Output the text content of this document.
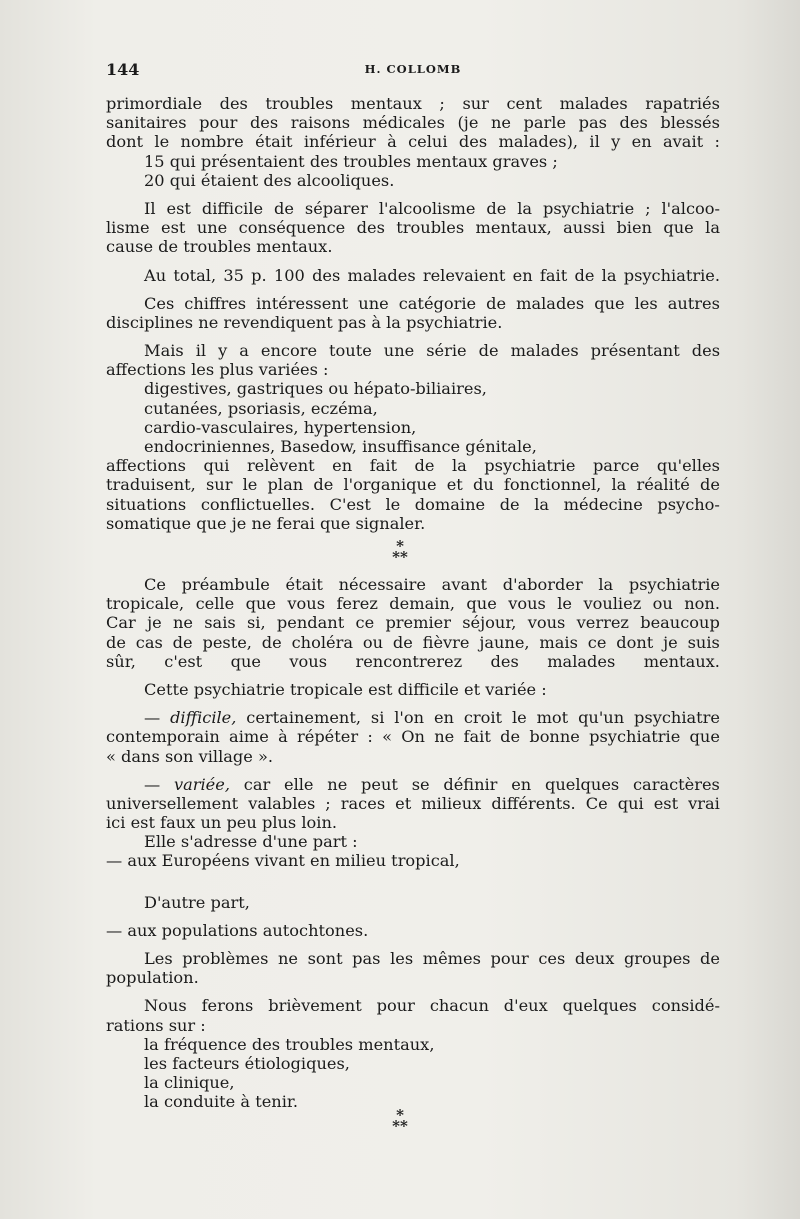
144	H. COLLOMB
primordiale des troubles mentaux ; sur cent malades rapatriés
sanitaires pour des raisons médicales (je ne parle pas des blessés
dont le nombre était inférieur à celui des malades), il y en avait :
15 qui présentaient des troubles mentaux graves ;
20 qui étaient des alcooliques.
Il est difficile de séparer l'alcoolisme de la psychiatrie ; l'alcoo-
lisme est une conséquence des troubles mentaux, aussi bien que la
cause de troubles mentaux.
Au total, 35 p. 100 des malades relevaient en fait de la psychiatrie.
Ces chiffres intéressent une catégorie de malades que les autres
disciplines ne revendiquent pas à la psychiatrie.
Mais il y a encore toute une série de malades présentant des
affections les plus variées :
digestives, gastriques ou hépato-biliaires,
cutanées, psoriasis, eczéma,
cardio-vasculaires, hypertension,
endocriniennes, Basedow, insuffisance génitale,
affections qui relèvent en fait de la psychiatrie parce qu'elles
traduisent, sur le plan de l'organique et du fonctionnel, la réalité de
situations conflictuelles. C'est le domaine de la médecine psycho-
somatique que je ne ferai que signaler.
*
**
Ce préambule était nécessaire avant d'aborder la psychiatrie
tropicale, celle que vous ferez demain, que vous le vouliez ou non.
Car je ne sais si, pendant ce premier séjour, vous verrez beaucoup
de cas de peste, de choléra ou de fièvre jaune, mais ce dont je suis
sûr, c'est que vous rencontrerez des malades mentaux.
Cette psychiatrie tropicale est difficile et variée :
— difficile, certainement, si l'on en croit le mot qu'un psychiatre
contemporain aime à répéter : « On ne fait de bonne psychiatrie que
« dans son village ».
— variée, car elle ne peut se définir en quelques caractères
universellement valables ; races et milieux différents. Ce qui est vrai
ici est faux un peu plus loin.
Elle s'adresse d'une part :
— aux Européens vivant en milieu tropical,
D'autre part,
— aux populations autochtones.
Les problèmes ne sont pas les mêmes pour ces deux groupes de
population.
Nous ferons brièvement pour chacun d'eux quelques considé-
rations sur :
la fréquence des troubles mentaux,
les facteurs étiologiques,
la clinique,
la conduite à tenir.
*
**
